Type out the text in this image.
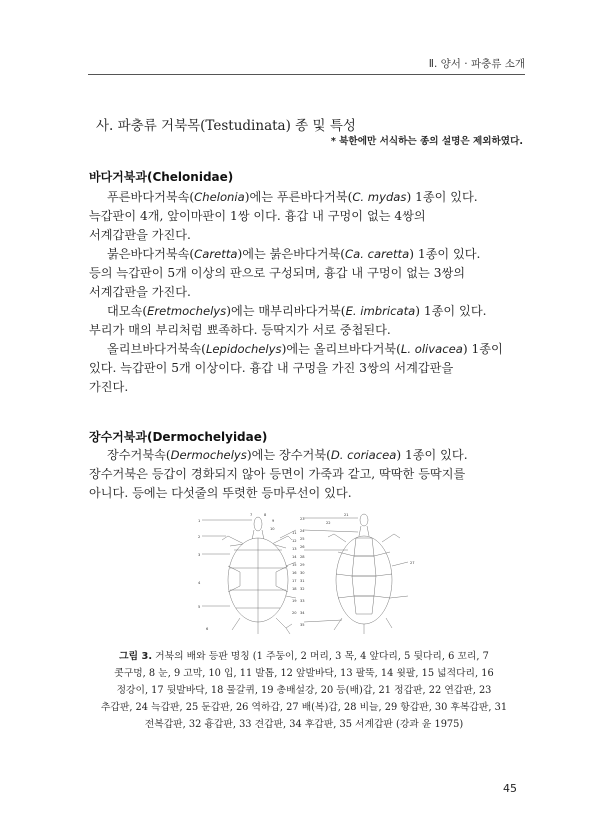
Ⅱ. 양서 · 파충류 소개
사. 파충류 거북목(Testudinata) 종 및 특성
* 북한에만 서식하는 종의 설명은 제외하였다.
바다거북과(Chelonidae)

푸른바다거북속(Chelonia)에는 푸른바다거북(C. mydas) 1종이 있다.

늑갑판이 4개, 앞이마판이 1쌍 이다. 흉갑 내 구멍이 없는 4쌍의

서계갑판을 가진다.

붉은바다거북속(Caretta)에는 붉은바다거북(Ca. caretta) 1종이 있다.

등의 늑갑판이 5개 이상의 판으로 구성되며, 흉갑 내 구멍이 없는 3쌍의

서계갑판을 가진다.

대모속(Eretmochelys)에는 매부리바다거북(E. imbricata) 1종이 있다.

부리가 매의 부리처럼 뾰족하다. 등딱지가 서로 중첩된다.

올리브바다거북속(Lepidochelys)에는 올리브바다거북(L. olivacea) 1종이

있다. 늑갑판이 5개 이상이다. 흉갑 내 구멍을 가진 3쌍의 서계갑판을

가진다.

장수거북과(Dermochelyidae)

장수거북속(Dermochelys)에는 장수거북(D. coriacea) 1종이 있다.

장수거북은 등갑이 경화되지 않아 등면이 가죽과 같고, 딱딱한 등딱지를

아니다. 등에는 다섯줄의 뚜렷한 등마루선이 있다.

1
2
3
4
5
6
7	8
9
10
11
12
13
14
15
16
17
18
19
20
21
22
23
24
25
26
27
28
29
30
31
32
33
34
35

그림 3. 거북의 배와 등판 명칭 (1 주둥이, 2 머리, 3 목, 4 앞다리, 5 뒷다리, 6 꼬리, 7

콧구멍, 8 눈, 9 고막, 10 입, 11 발톱, 12 앞발바닥, 13 팔뚝, 14 윗팔, 15 넓적다리, 16

정강이, 17 뒷발바닥, 18 물갈퀴, 19 총배설강, 20 등(배)갑, 21 정갑판, 22 연갑판, 23

추갑판, 24 늑갑판, 25 둔갑판, 26 역하갑, 27 배(복)갑, 28 비늘, 29 항갑판, 30 후복갑판, 31

전복갑판, 32 흉갑판, 33 견갑판, 34 후갑판, 35 서계갑판 (강과 윤 1975)

45
